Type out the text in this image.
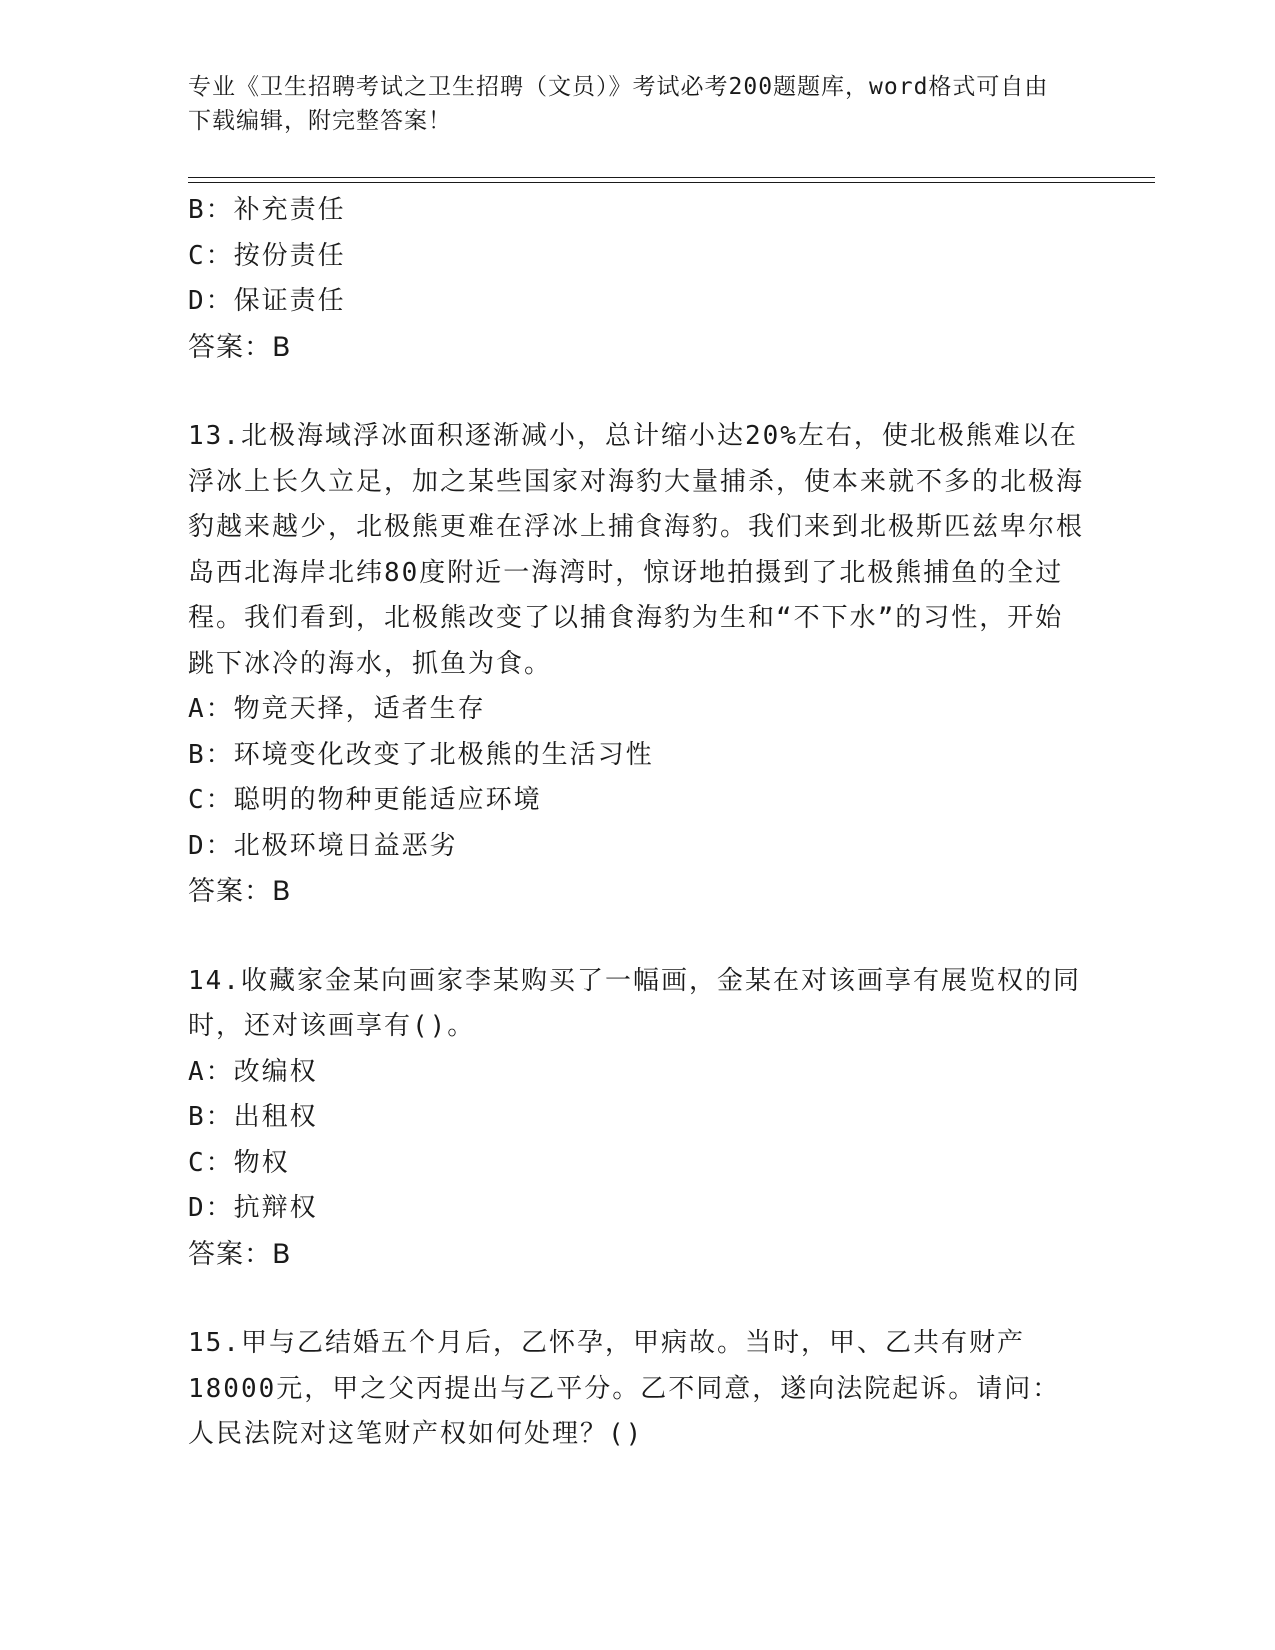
专业《卫生招聘考试之卫生招聘（文员）》考试必考200题题库，word格式可自由下载编辑，附完整答案！
B：补充责任
C：按份责任
D：保证责任
答案：B
13.北极海域浮冰面积逐渐减小，总计缩小达20%左右，使北极熊难以在浮冰上长久立足，加之某些国家对海豹大量捕杀，使本来就不多的北极海豹越来越少，北极熊更难在浮冰上捕食海豹。我们来到北极斯匹兹卑尔根岛西北海岸北纬80度附近一海湾时，惊讶地拍摄到了北极熊捕鱼的全过程。我们看到，北极熊改变了以捕食海豹为生和“不下水”的习性，开始跳下冰冷的海水，抓鱼为食。
A：物竞天择，适者生存
B：环境变化改变了北极熊的生活习性
C：聪明的物种更能适应环境
D：北极环境日益恶劣
答案：B
14.收藏家金某向画家李某购买了一幅画，金某在对该画享有展览权的同时，还对该画享有()。
A：改编权
B：出租权
C：物权
D：抗辩权
答案：B
15.甲与乙结婚五个月后，乙怀孕，甲病故。当时，甲、乙共有财产18000元，甲之父丙提出与乙平分。乙不同意，遂向法院起诉。请问：人民法院对这笔财产权如何处理？()
